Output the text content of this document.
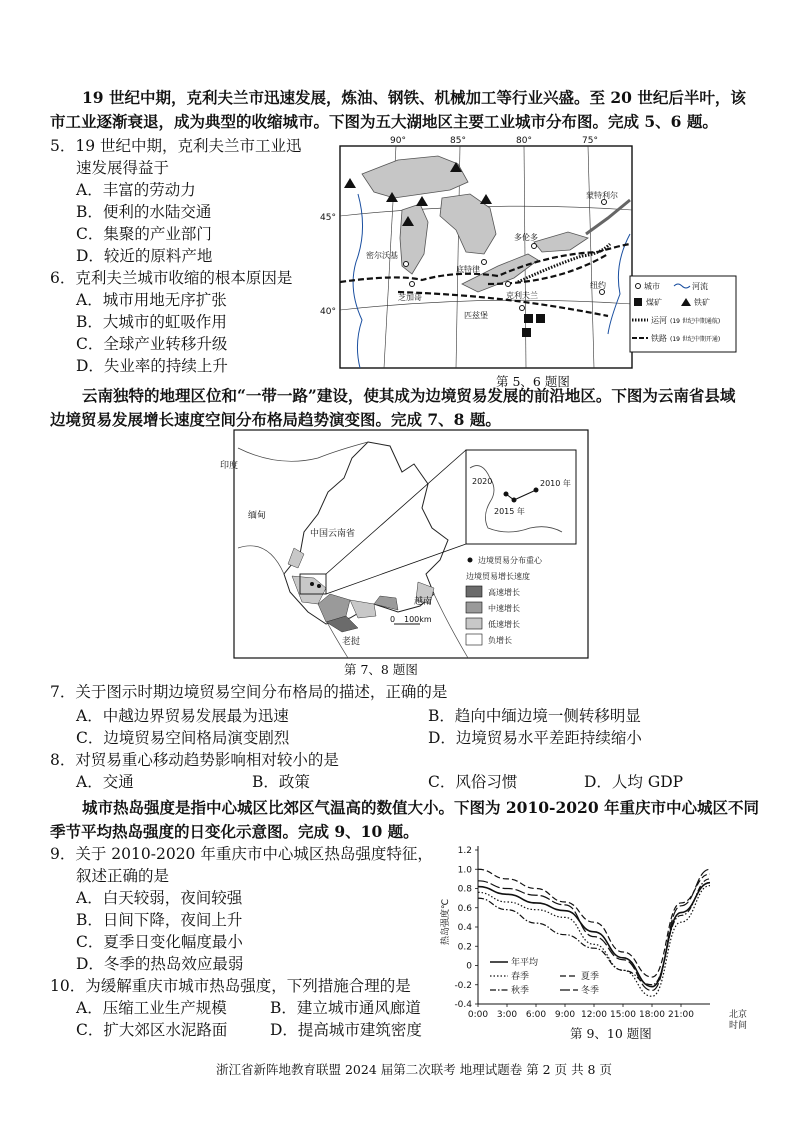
19 世纪中期，克利夫兰市迅速发展，炼油、钢铁、机械加工等行业兴盛。至 20 世纪后半叶，该
市工业逐渐衰退，成为典型的收缩城市。下图为五大湖地区主要工业城市分布图。完成 5、6 题。
5．19 世纪中期，克利夫兰市工业迅
速发展得益于
A．丰富的劳动力
B．便利的水陆交通
C．集聚的产业部门
D．较近的原料产地
6．克利夫兰城市收缩的根本原因是
A．城市用地无序扩张
B．大城市的虹吸作用
C．全球产业转移升级
D．失业率的持续上升
90°	85°	80°	75°
45°
40°
蒙特利尔
多伦多
密尔沃基
底特律
芝加哥	克利夫兰
匹兹堡
纽约	城市	河流
煤矿	铁矿
运河 (19 世纪中期通航)
铁路 (19 世纪中期开通)
第 5、6 题图
云南独特的地理区位和“一带一路”建设，使其成为边境贸易发展的前沿地区。下图为云南省县域
边境贸易发展增长速度空间分布格局趋势演变图。完成 7、8 题。
2020	2010 年
2015 年
印度
缅甸
中国云南省
越南
老挝
0 100km
边境贸易分布重心
边境贸易增长速度
高速增长
中速增长
低速增长
负增长
第 7、8 题图
7．关于图示时期边境贸易空间分布格局的描述，正确的是
A．中越边界贸易发展最为迅速	B．趋向中缅边境一侧转移明显
C．边境贸易空间格局演变剧烈	D．边境贸易水平差距持续缩小
8．对贸易重心移动趋势影响相对较小的是
A．交通	B．政策	C．风俗习惯	D．人均 GDP
城市热岛强度是指中心城区比郊区气温高的数值大小。下图为 2010-2020 年重庆市中心城区不同
季节平均热岛强度的日变化示意图。完成 9、10 题。
9．关于 2010-2020 年重庆市中心城区热岛强度特征，
叙述正确的是
A．白天较弱，夜间较强
B．日间下降，夜间上升
C．夏季日变化幅度最小
D．冬季的热岛效应最弱
10．为缓解重庆市城市热岛强度，下列措施合理的是
A．压缩工业生产规模	B．建立城市通风廊道
C．扩大郊区水泥路面	D．提高城市建筑密度
1.2
1.0
0.8
0.6
0.4
0.2
0
-0.2
-0.4
0:00 3:00 6:00 9:00 12:00 15:00 18:00 21:00
热岛强度℃
北京
时间
年平均
春季	夏季
秋季	冬季
第 9、10 题图
浙江省新阵地教育联盟 2024 届第二次联考 地理试题卷 第 2 页 共 8 页
